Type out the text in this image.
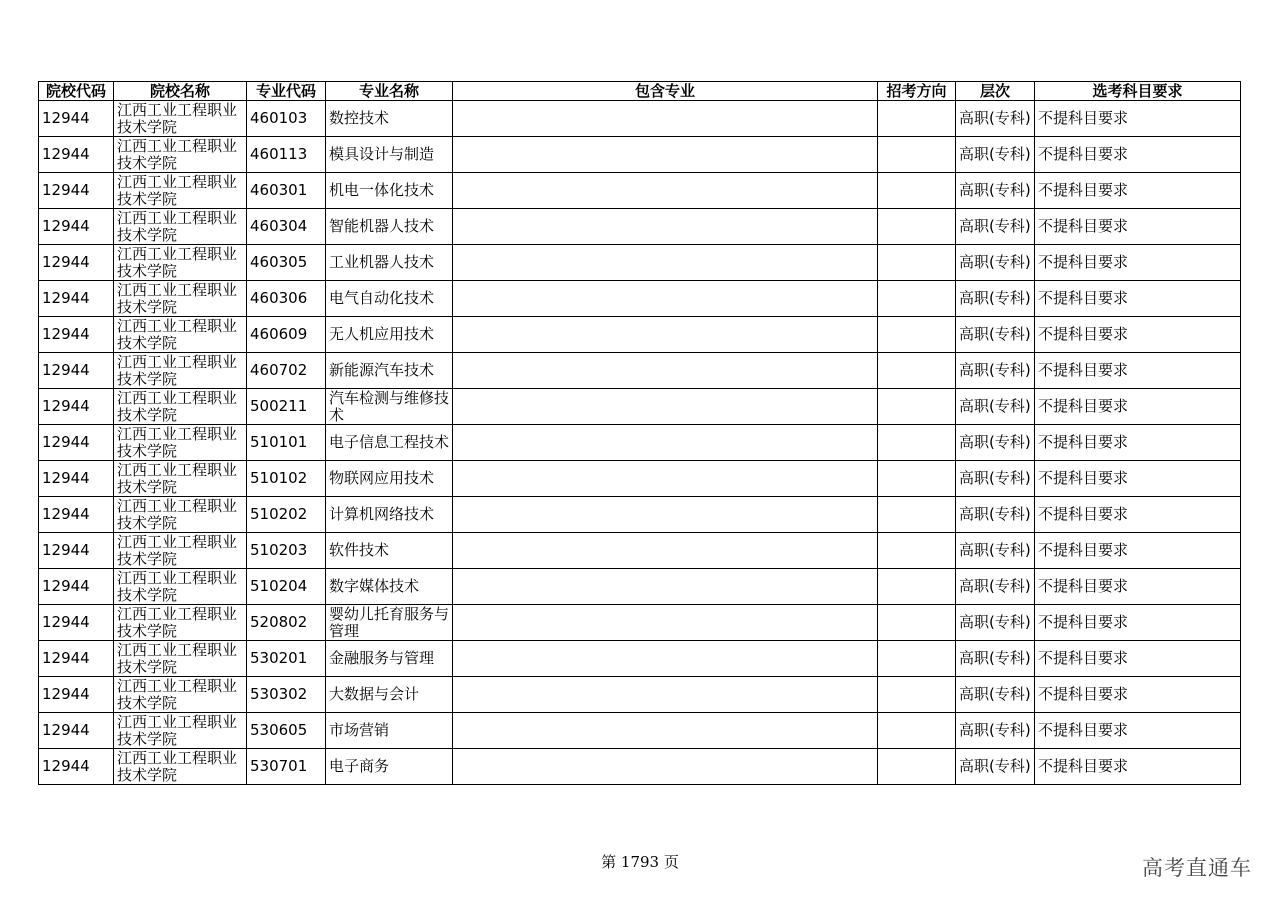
院校代码	院校名称	专业代码	专业名称	包含专业	招考方向	层次	选考科目要求
12944	江西工业工程职业技术学院	460103	数控技术			高职(专科)	不提科目要求
12944	江西工业工程职业技术学院	460113	模具设计与制造			高职(专科)	不提科目要求
12944	江西工业工程职业技术学院	460301	机电一体化技术			高职(专科)	不提科目要求
12944	江西工业工程职业技术学院	460304	智能机器人技术			高职(专科)	不提科目要求
12944	江西工业工程职业技术学院	460305	工业机器人技术			高职(专科)	不提科目要求
12944	江西工业工程职业技术学院	460306	电气自动化技术			高职(专科)	不提科目要求
12944	江西工业工程职业技术学院	460609	无人机应用技术			高职(专科)	不提科目要求
12944	江西工业工程职业技术学院	460702	新能源汽车技术			高职(专科)	不提科目要求
12944	江西工业工程职业技术学院	500211	汽车检测与维修技术			高职(专科)	不提科目要求
12944	江西工业工程职业技术学院	510101	电子信息工程技术			高职(专科)	不提科目要求
12944	江西工业工程职业技术学院	510102	物联网应用技术			高职(专科)	不提科目要求
12944	江西工业工程职业技术学院	510202	计算机网络技术			高职(专科)	不提科目要求
12944	江西工业工程职业技术学院	510203	软件技术			高职(专科)	不提科目要求
12944	江西工业工程职业技术学院	510204	数字媒体技术			高职(专科)	不提科目要求
12944	江西工业工程职业技术学院	520802	婴幼儿托育服务与管理			高职(专科)	不提科目要求
12944	江西工业工程职业技术学院	530201	金融服务与管理			高职(专科)	不提科目要求
12944	江西工业工程职业技术学院	530302	大数据与会计			高职(专科)	不提科目要求
12944	江西工业工程职业技术学院	530605	市场营销			高职(专科)	不提科目要求
12944	江西工业工程职业技术学院	530701	电子商务			高职(专科)	不提科目要求
第 1793 页	高考直通车
